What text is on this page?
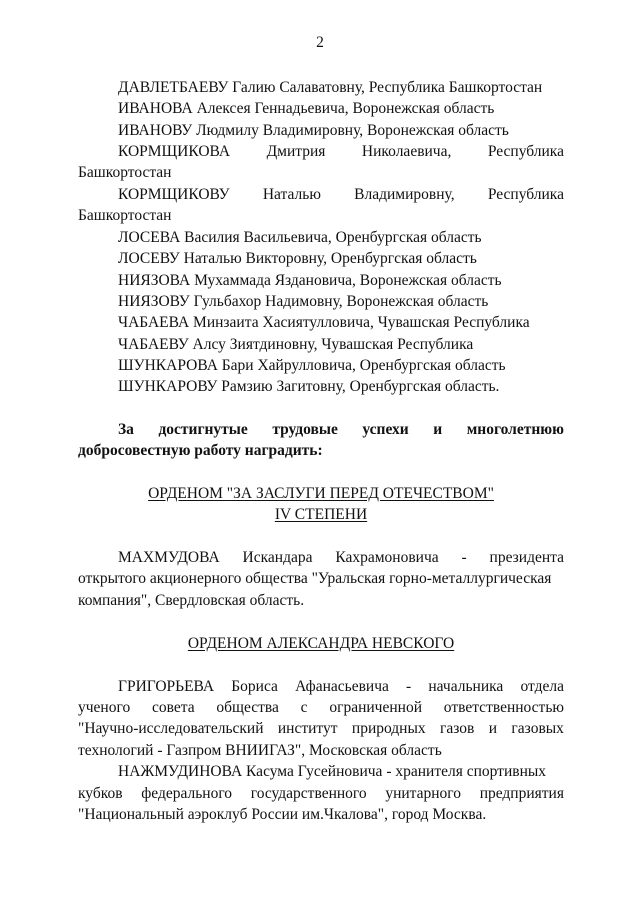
2
ДАВЛЕТБАЕВУ Галию Салаватовну, Республика Башкортостан
ИВАНОВА Алексея Геннадьевича, Воронежская область
ИВАНОВУ Людмилу Владимировну, Воронежская область
КОРМЩИКОВА Дмитрия Николаевича, Республика
Башкортостан
КОРМЩИКОВУ Наталью Владимировну, Республика
Башкортостан
ЛОСЕВА Василия Васильевича, Оренбургская область
ЛОСЕВУ Наталью Викторовну, Оренбургская область
НИЯЗОВА Мухаммада Яздановича, Воронежская область
НИЯЗОВУ Гульбахор Надимовну, Воронежская область
ЧАБАЕВА Минзаита Хасиятулловича, Чувашская Республика
ЧАБАЕВУ Алсу Зиятдиновну, Чувашская Республика
ШУНКАРОВА Бари Хайрулловича, Оренбургская область
ШУНКАРОВУ Рамзию Загитовну, Оренбургская область.
За достигнутые трудовые успехи и многолетнюю
добросовестную работу наградить:
ОРДЕНОМ "ЗА ЗАСЛУГИ ПЕРЕД ОТЕЧЕСТВОМ"
IV СТЕПЕНИ
МАХМУДОВА Искандара Кахрамоновича - президента
открытого акционерного общества "Уральская горно-металлургическая
компания", Свердловская область.
ОРДЕНОМ АЛЕКСАНДРА НЕВСКОГО
ГРИГОРЬЕВА Бориса Афанасьевича - начальника отдела
ученого совета общества с ограниченной ответственностью
"Научно-исследовательский институт природных газов и газовых
технологий - Газпром ВНИИГАЗ", Московская область
НАЖМУДИНОВА Касума Гусейновича - хранителя спортивных
кубков федерального государственного унитарного предприятия
"Национальный аэроклуб России им.Чкалова", город Москва.
